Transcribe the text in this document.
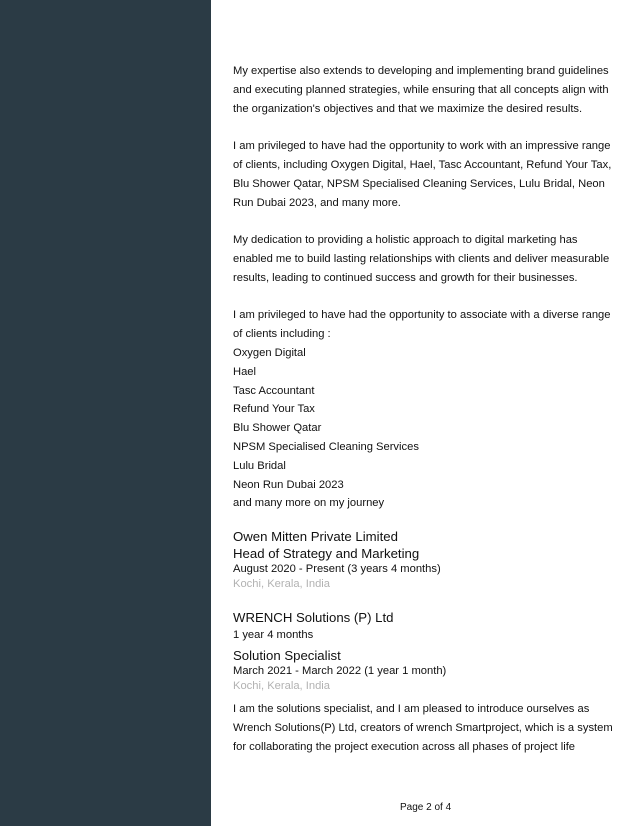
My expertise also extends to developing and implementing brand guidelines and executing planned strategies, while ensuring that all concepts align with the organization's objectives and that we maximize the desired results.

I am privileged to have had the opportunity to work with an impressive range of clients, including Oxygen Digital, Hael, Tasc Accountant, Refund Your Tax, Blu Shower Qatar, NPSM Specialised Cleaning Services, Lulu Bridal, Neon Run Dubai 2023, and many more.

My dedication to providing a holistic approach to digital marketing has enabled me to build lasting relationships with clients and deliver measurable results, leading to continued success and growth for their businesses.

I am privileged to have had the opportunity to associate with a diverse range of clients including :

Oxygen Digital
Hael
Tasc Accountant
Refund Your Tax
Blu Shower Qatar
NPSM Specialised Cleaning Services
Lulu Bridal
Neon Run Dubai 2023
and many more on my journey
Owen Mitten Private Limited
Head of Strategy and Marketing
August 2020 - Present (3 years 4 months)
Kochi, Kerala, India
WRENCH Solutions (P) Ltd
1 year 4 months
Solution Specialist
March 2021 - March 2022 (1 year 1 month)
Kochi, Kerala, India
I am the solutions specialist, and I am pleased to introduce ourselves as Wrench Solutions(P) Ltd, creators of wrench Smartproject, which is a system for collaborating the project execution across all phases of project life
Page 2 of 4
